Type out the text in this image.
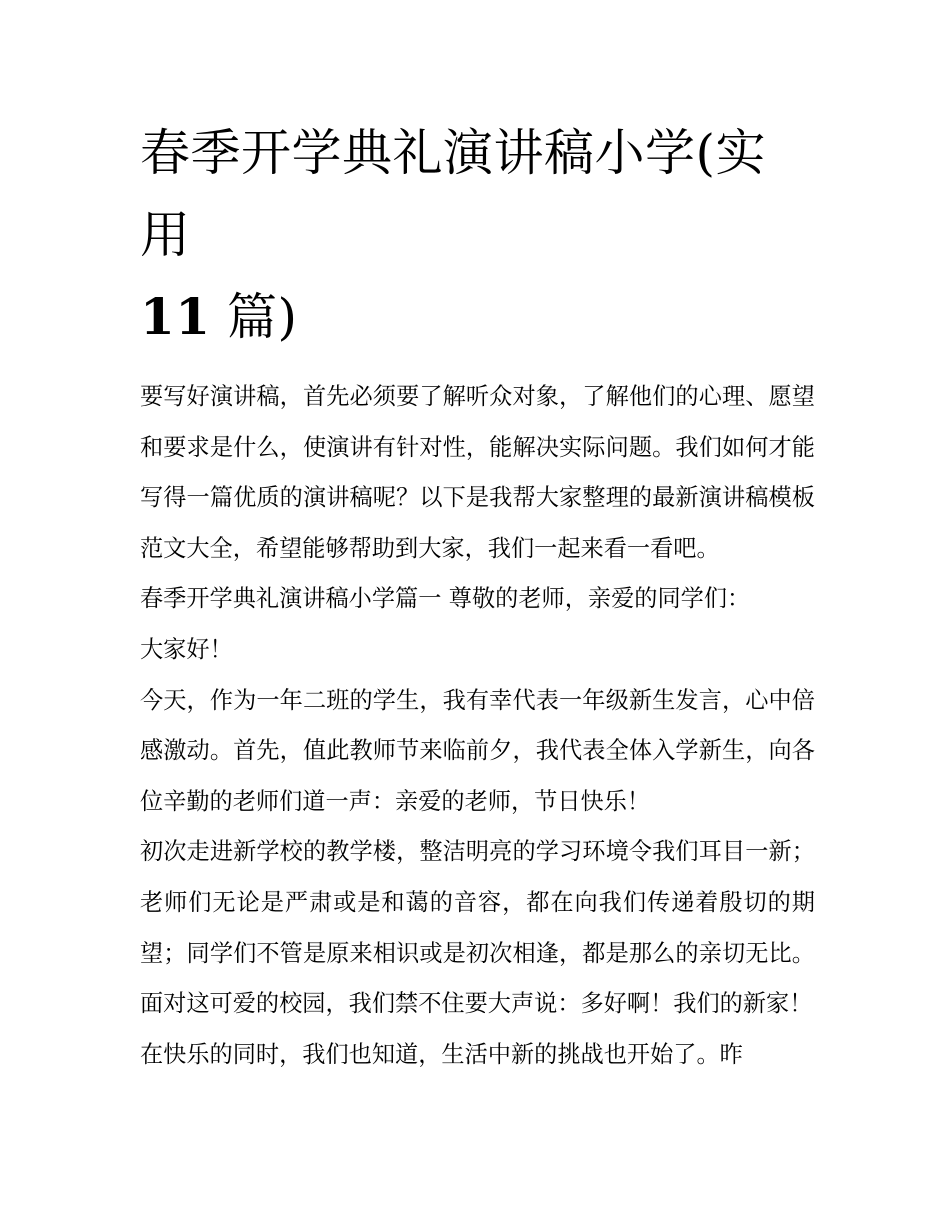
春季开学典礼演讲稿小学(实用
11 篇)

要写好演讲稿，首先必须要了解听众对象，了解他们的心理、愿望和要求是什么，使演讲有针对性，能解决实际问题。我们如何才能写得一篇优质的演讲稿呢？以下是我帮大家整理的最新演讲稿模板范文大全，希望能够帮助到大家，我们一起来看一看吧。

春季开学典礼演讲稿小学篇一 尊敬的老师，亲爱的同学们：

大家好！

今天，作为一年二班的学生，我有幸代表一年级新生发言，心中倍感激动。首先，值此教师节来临前夕，我代表全体入学新生，向各位辛勤的老师们道一声：亲爱的老师，节日快乐！

初次走进新学校的教学楼，整洁明亮的学习环境令我们耳目一新；老师们无论是严肃或是和蔼的音容，都在向我们传递着殷切的期望；同学们不管是原来相识或是初次相逢，都是那么的亲切无比。面对这可爱的校园，我们禁不住要大声说：多好啊！我们的新家！

在快乐的同时，我们也知道，生活中新的挑战也开始了。昨
